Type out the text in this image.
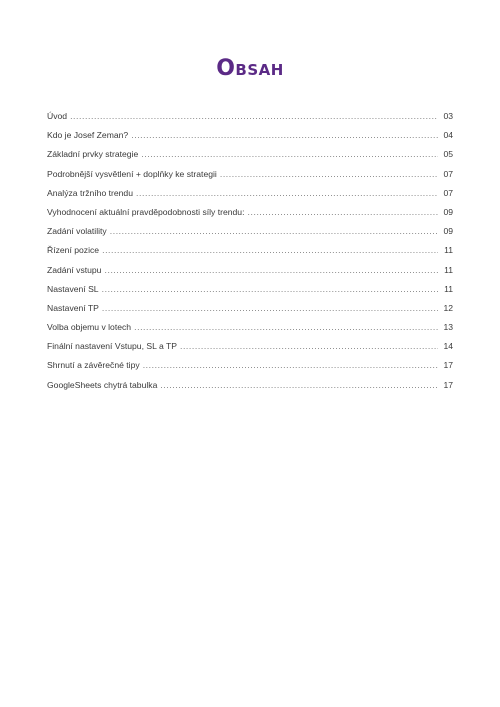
Obsah
Úvod .....	03
Kdo je Josef Zeman? .....	04
Základní prvky strategie .....	05
Podrobnější vysvětlení + doplňky ke strategii .....	07
Analýza tržního trendu .....	07
Vyhodnocení aktuální pravděpodobnosti síly trendu: .....	09
Zadání volatility .....	09
Řízení pozice .....	11
Zadání vstupu .....	11
Nastavení SL .....	11
Nastavení TP .....	12
Volba objemu v lotech .....	13
Finální nastavení Vstupu, SL a TP .....	14
Shrnutí a závěrečné tipy .....	17
GoogleSheets chytrá tabulka .....	17
